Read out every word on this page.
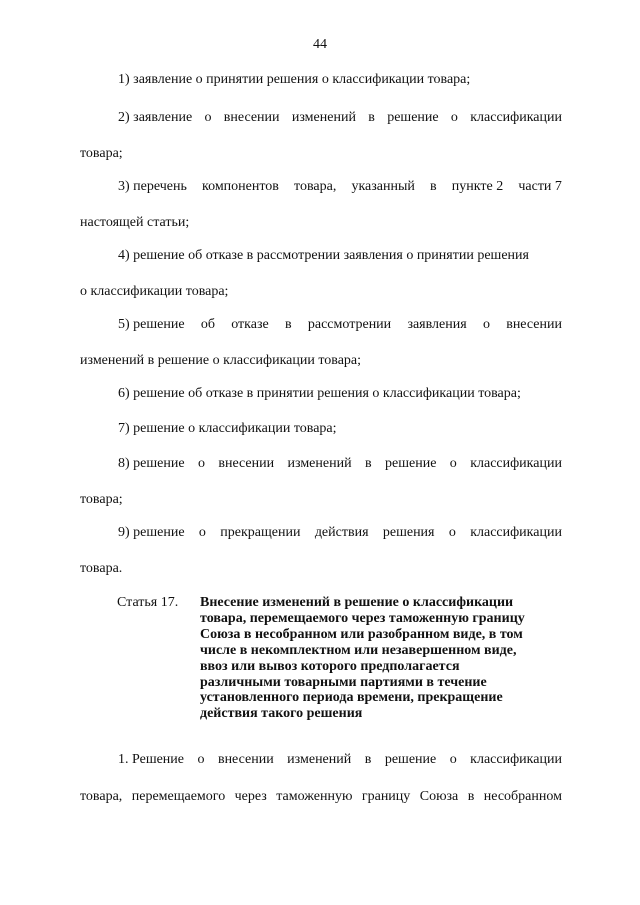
44
1) заявление о принятии решения о классификации товара;
2) заявление о внесении изменений в решение о классификации
товара;
3) перечень компонентов товара, указанный в пункте 2 части 7
настоящей статьи;
4) решение об отказе в рассмотрении заявления о принятии решения
о классификации товара;
5) решение об отказе в рассмотрении заявления о внесении
изменений в решение о классификации товара;
6) решение об отказе в принятии решения о классификации товара;
7) решение о классификации товара;
8) решение о внесении изменений в решение о классификации
товара;
9) решение о прекращении действия решения о классификации
товара.
Статья 17. Внесение изменений в решение о классификации
товара, перемещаемого через таможенную границу
Союза в несобранном или разобранном виде, в том
числе в некомплектном или незавершенном виде,
ввоз или вывоз которого предполагается
различными товарными партиями в течение
установленного периода времени, прекращение
действия такого решения
1. Решение о внесении изменений в решение о классификации
товара, перемещаемого через таможенную границу Союза в несобранном
